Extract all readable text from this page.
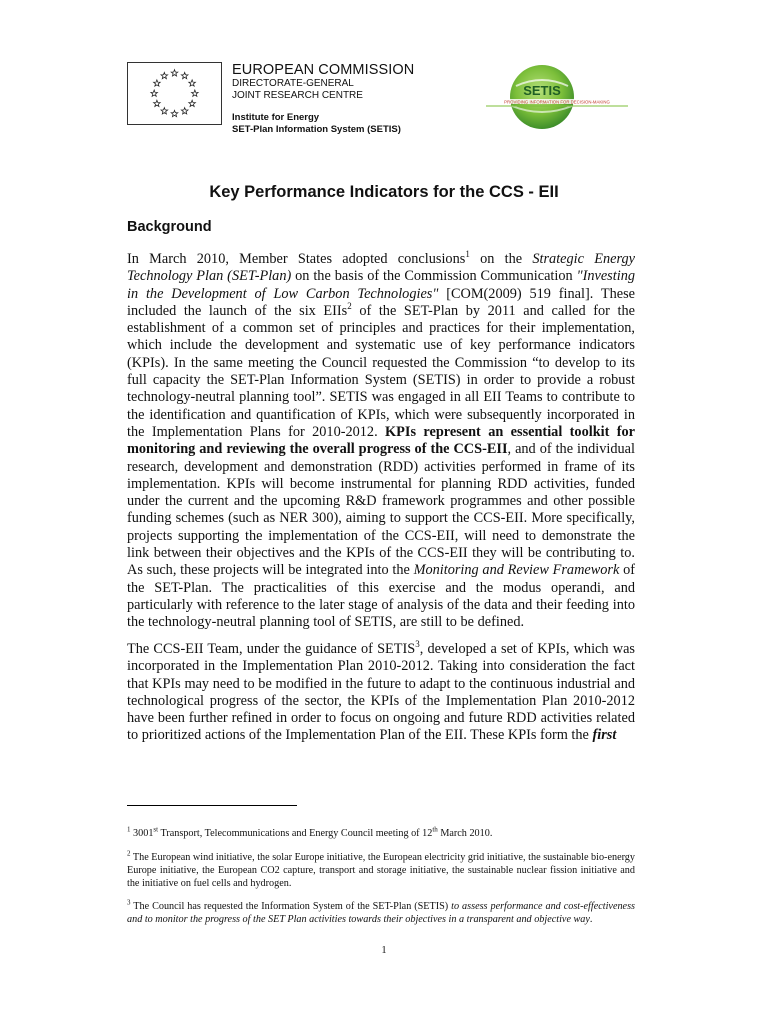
EUROPEAN COMMISSION
DIRECTORATE-GENERAL
JOINT RESEARCH CENTRE
Institute for Energy
SET-Plan Information System (SETIS)
SETIS
PROVIDING INFORMATION FOR DECISION-MAKING
Key Performance Indicators for the CCS - EII
Background
In March 2010, Member States adopted conclusions$^1$ on the Strategic Energy Technology Plan (SET-Plan) on the basis of the Commission Communication "Investing in the Development of Low Carbon Technologies" [COM(2009) 519 final]. These included the launch of the six EIIs$^2$ of the SET-Plan by 2011 and called for the establishment of a common set of principles and practices for their implementation, which include the development and systematic use of key performance indicators (KPIs). In the same meeting the Council requested the Commission “to develop to its full capacity the SET-Plan Information System (SETIS) in order to provide a robust technology-neutral planning tool”. SETIS was engaged in all EII Teams to contribute to the identification and quantification of KPIs, which were subsequently incorporated in the Implementation Plans for 2010-2012. KPIs represent an essential toolkit for monitoring and reviewing the overall progress of the CCS-EII, and of the individual research, development and demonstration (RDD) activities performed in frame of its implementation. KPIs will become instrumental for planning RDD activities, funded under the current and the upcoming R&D framework programmes and other possible funding schemes (such as NER 300), aiming to support the CCS-EII. More specifically, projects supporting the implementation of the CCS-EII, will need to demonstrate the link between their objectives and the KPIs of the CCS-EII they will be contributing to. As such, these projects will be integrated into the Monitoring and Review Framework of the SET-Plan. The practicalities of this exercise and the modus operandi, and particularly with reference to the later stage of analysis of the data and their feeding into the technology-neutral planning tool of SETIS, are still to be defined.
The CCS-EII Team, under the guidance of SETIS$^3$, developed a set of KPIs, which was incorporated in the Implementation Plan 2010-2012. Taking into consideration the fact that KPIs may need to be modified in the future to adapt to the continuous industrial and technological progress of the sector, the KPIs of the Implementation Plan 2010-2012 have been further refined in order to focus on ongoing and future RDD activities related to prioritized actions of the Implementation Plan of the EII. These KPIs form the first
$^1$ 3001st Transport, Telecommunications and Energy Council meeting of 12th March 2010.
$^2$ The European wind initiative, the solar Europe initiative, the European electricity grid initiative, the sustainable bio-energy Europe initiative, the European CO2 capture, transport and storage initiative, the sustainable nuclear fission initiative and the initiative on fuel cells and hydrogen.
$^3$ The Council has requested the Information System of the SET-Plan (SETIS) to assess performance and cost-effectiveness and to monitor the progress of the SET Plan activities towards their objectives in a transparent and objective way.
1
